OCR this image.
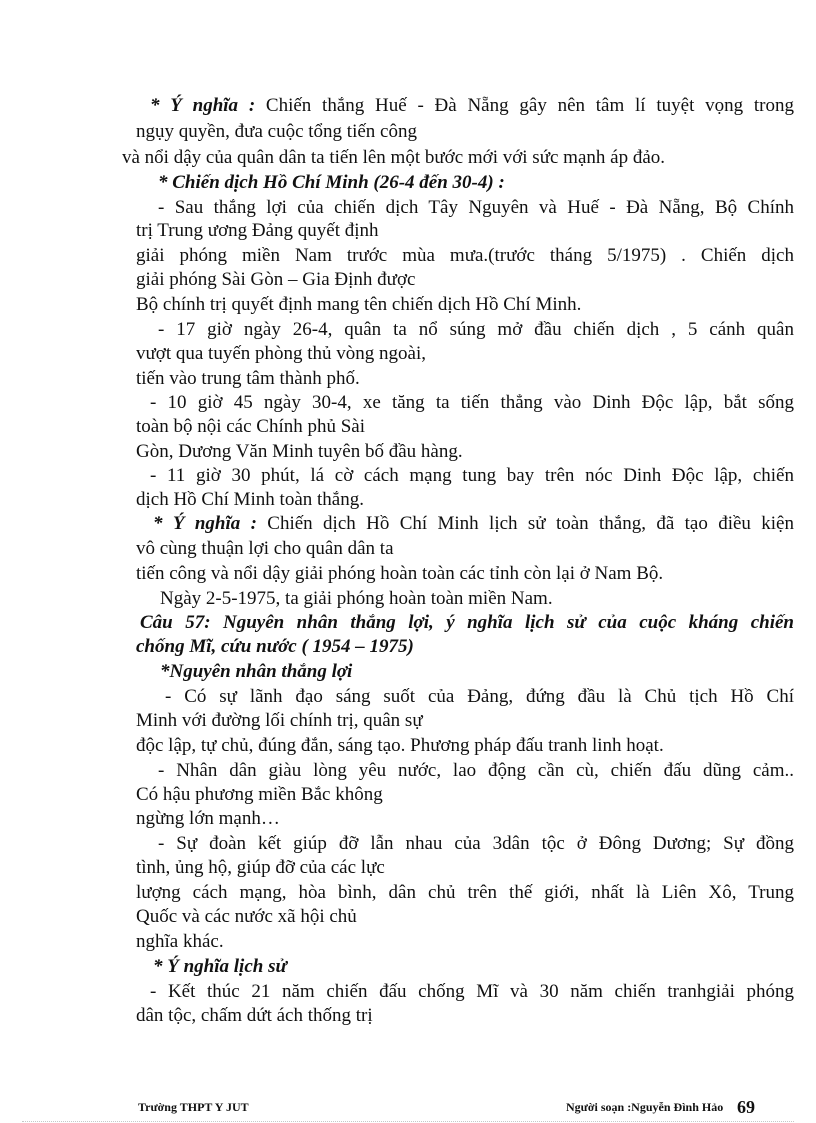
* Ý nghĩa : Chiến thắng Huế - Đà Nẵng gây nên tâm lí tuyệt vọng trong
ngụy quyền, đưa cuộc tổng tiến công
và nổi dậy của quân dân ta tiến lên một bước mới với sức mạnh áp đảo.
* Chiến dịch Hồ Chí Minh (26-4 đến 30-4) :
- Sau thắng lợi của chiến dịch Tây Nguyên và Huế - Đà Nẵng, Bộ Chính
trị Trung ương Đảng quyết định
giải phóng miền Nam trước mùa mưa.(trước tháng 5/1975) . Chiến dịch
giải phóng Sài Gòn – Gia Định được
Bộ chính trị quyết định mang tên chiến dịch Hồ Chí Minh.
- 17 giờ ngày 26-4, quân ta nổ súng mở đầu chiến dịch , 5 cánh quân
vượt qua tuyến phòng thủ vòng ngoài,
tiến vào trung tâm thành phố.
- 10 giờ 45 ngày 30-4, xe tăng ta tiến thẳng vào Dinh Độc lập, bắt sống
toàn bộ nội các Chính phủ Sài
Gòn, Dương Văn Minh tuyên bố đầu hàng.
- 11 giờ 30 phút, lá cờ cách mạng tung bay trên nóc Dinh Độc lập, chiến
dịch Hồ Chí Minh toàn thắng.
* Ý nghĩa : Chiến dịch Hồ Chí Minh lịch sử toàn thắng, đã tạo điều kiện
vô cùng thuận lợi cho quân dân ta
tiến công và nổi dậy giải phóng hoàn toàn các tỉnh còn lại ở Nam Bộ.
Ngày 2-5-1975, ta giải phóng hoàn toàn miền Nam.
Câu 57: Nguyên nhân thắng lợi, ý nghĩa lịch sử của cuộc kháng chiến
chống Mĩ, cứu nước ( 1954 – 1975)
*Nguyên nhân thắng lợi
- Có sự lãnh đạo sáng suốt của Đảng, đứng đầu là Chủ tịch Hồ Chí
Minh với đường lối chính trị, quân sự
độc lập, tự chủ, đúng đắn, sáng tạo. Phương pháp đấu tranh linh hoạt.
- Nhân dân giàu lòng yêu nước, lao động cần cù, chiến đấu dũng cảm..
Có hậu phương miền Bắc không
ngừng lớn mạnh…
- Sự đoàn kết giúp đỡ lẫn nhau của 3dân tộc ở Đông Dương; Sự đồng
tình, ủng hộ, giúp đỡ của các lực
lượng cách mạng, hòa bình, dân chủ trên thế giới, nhất là Liên Xô, Trung
Quốc và các nước xã hội chủ
nghĩa khác.
* Ý nghĩa lịch sử
- Kết thúc 21 năm chiến đấu chống Mĩ và 30 năm chiến tranhgiải phóng
dân tộc, chấm dứt ách thống trị
Trường THPT Y JUT	Người soạn :Nguyễn Đình Hảo 69
